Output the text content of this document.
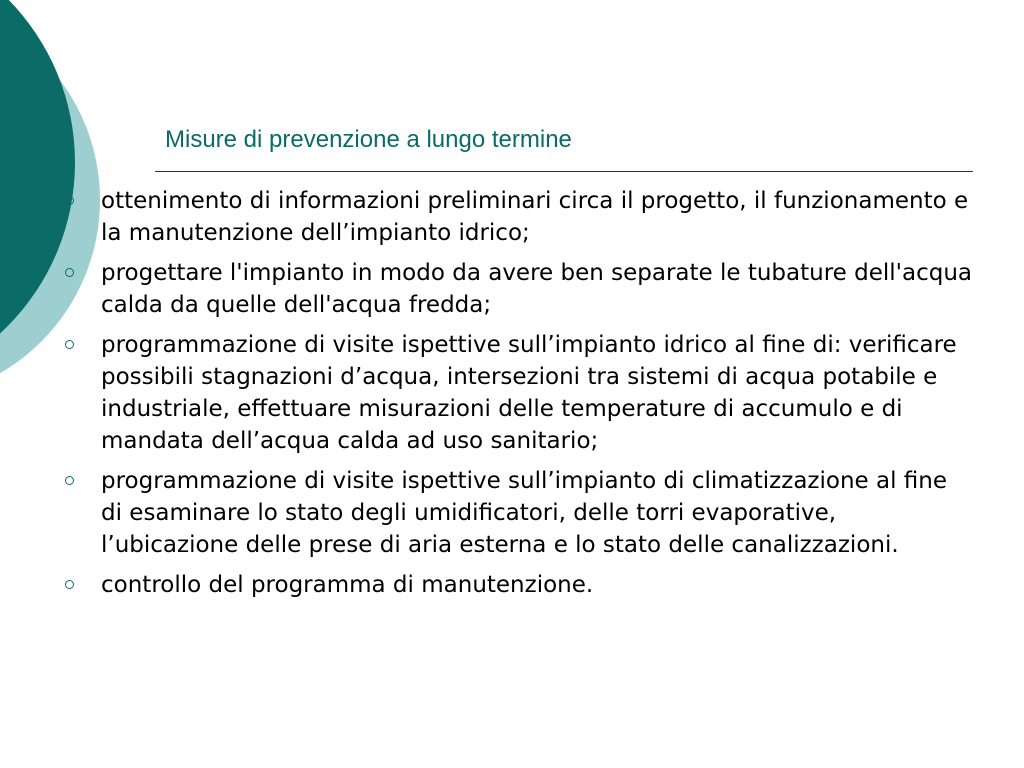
Misure di prevenzione a lungo termine
ottenimento di informazioni preliminari circa il progetto, il funzionamento e la manutenzione dell’impianto idrico;
progettare l'impianto in modo da avere ben separate le tubature dell'acqua calda da quelle dell'acqua fredda;
programmazione di visite ispettive sull’impianto idrico al fine di: verificare possibili stagnazioni d’acqua, intersezioni tra sistemi di acqua potabile e industriale, effettuare misurazioni delle temperature di accumulo e di mandata dell’acqua calda ad uso sanitario;
programmazione di visite ispettive sull’impianto di climatizzazione al fine di esaminare lo stato degli umidificatori, delle torri evaporative, l’ubicazione delle prese di aria esterna e lo stato delle canalizzazioni.
controllo del programma di manutenzione.
